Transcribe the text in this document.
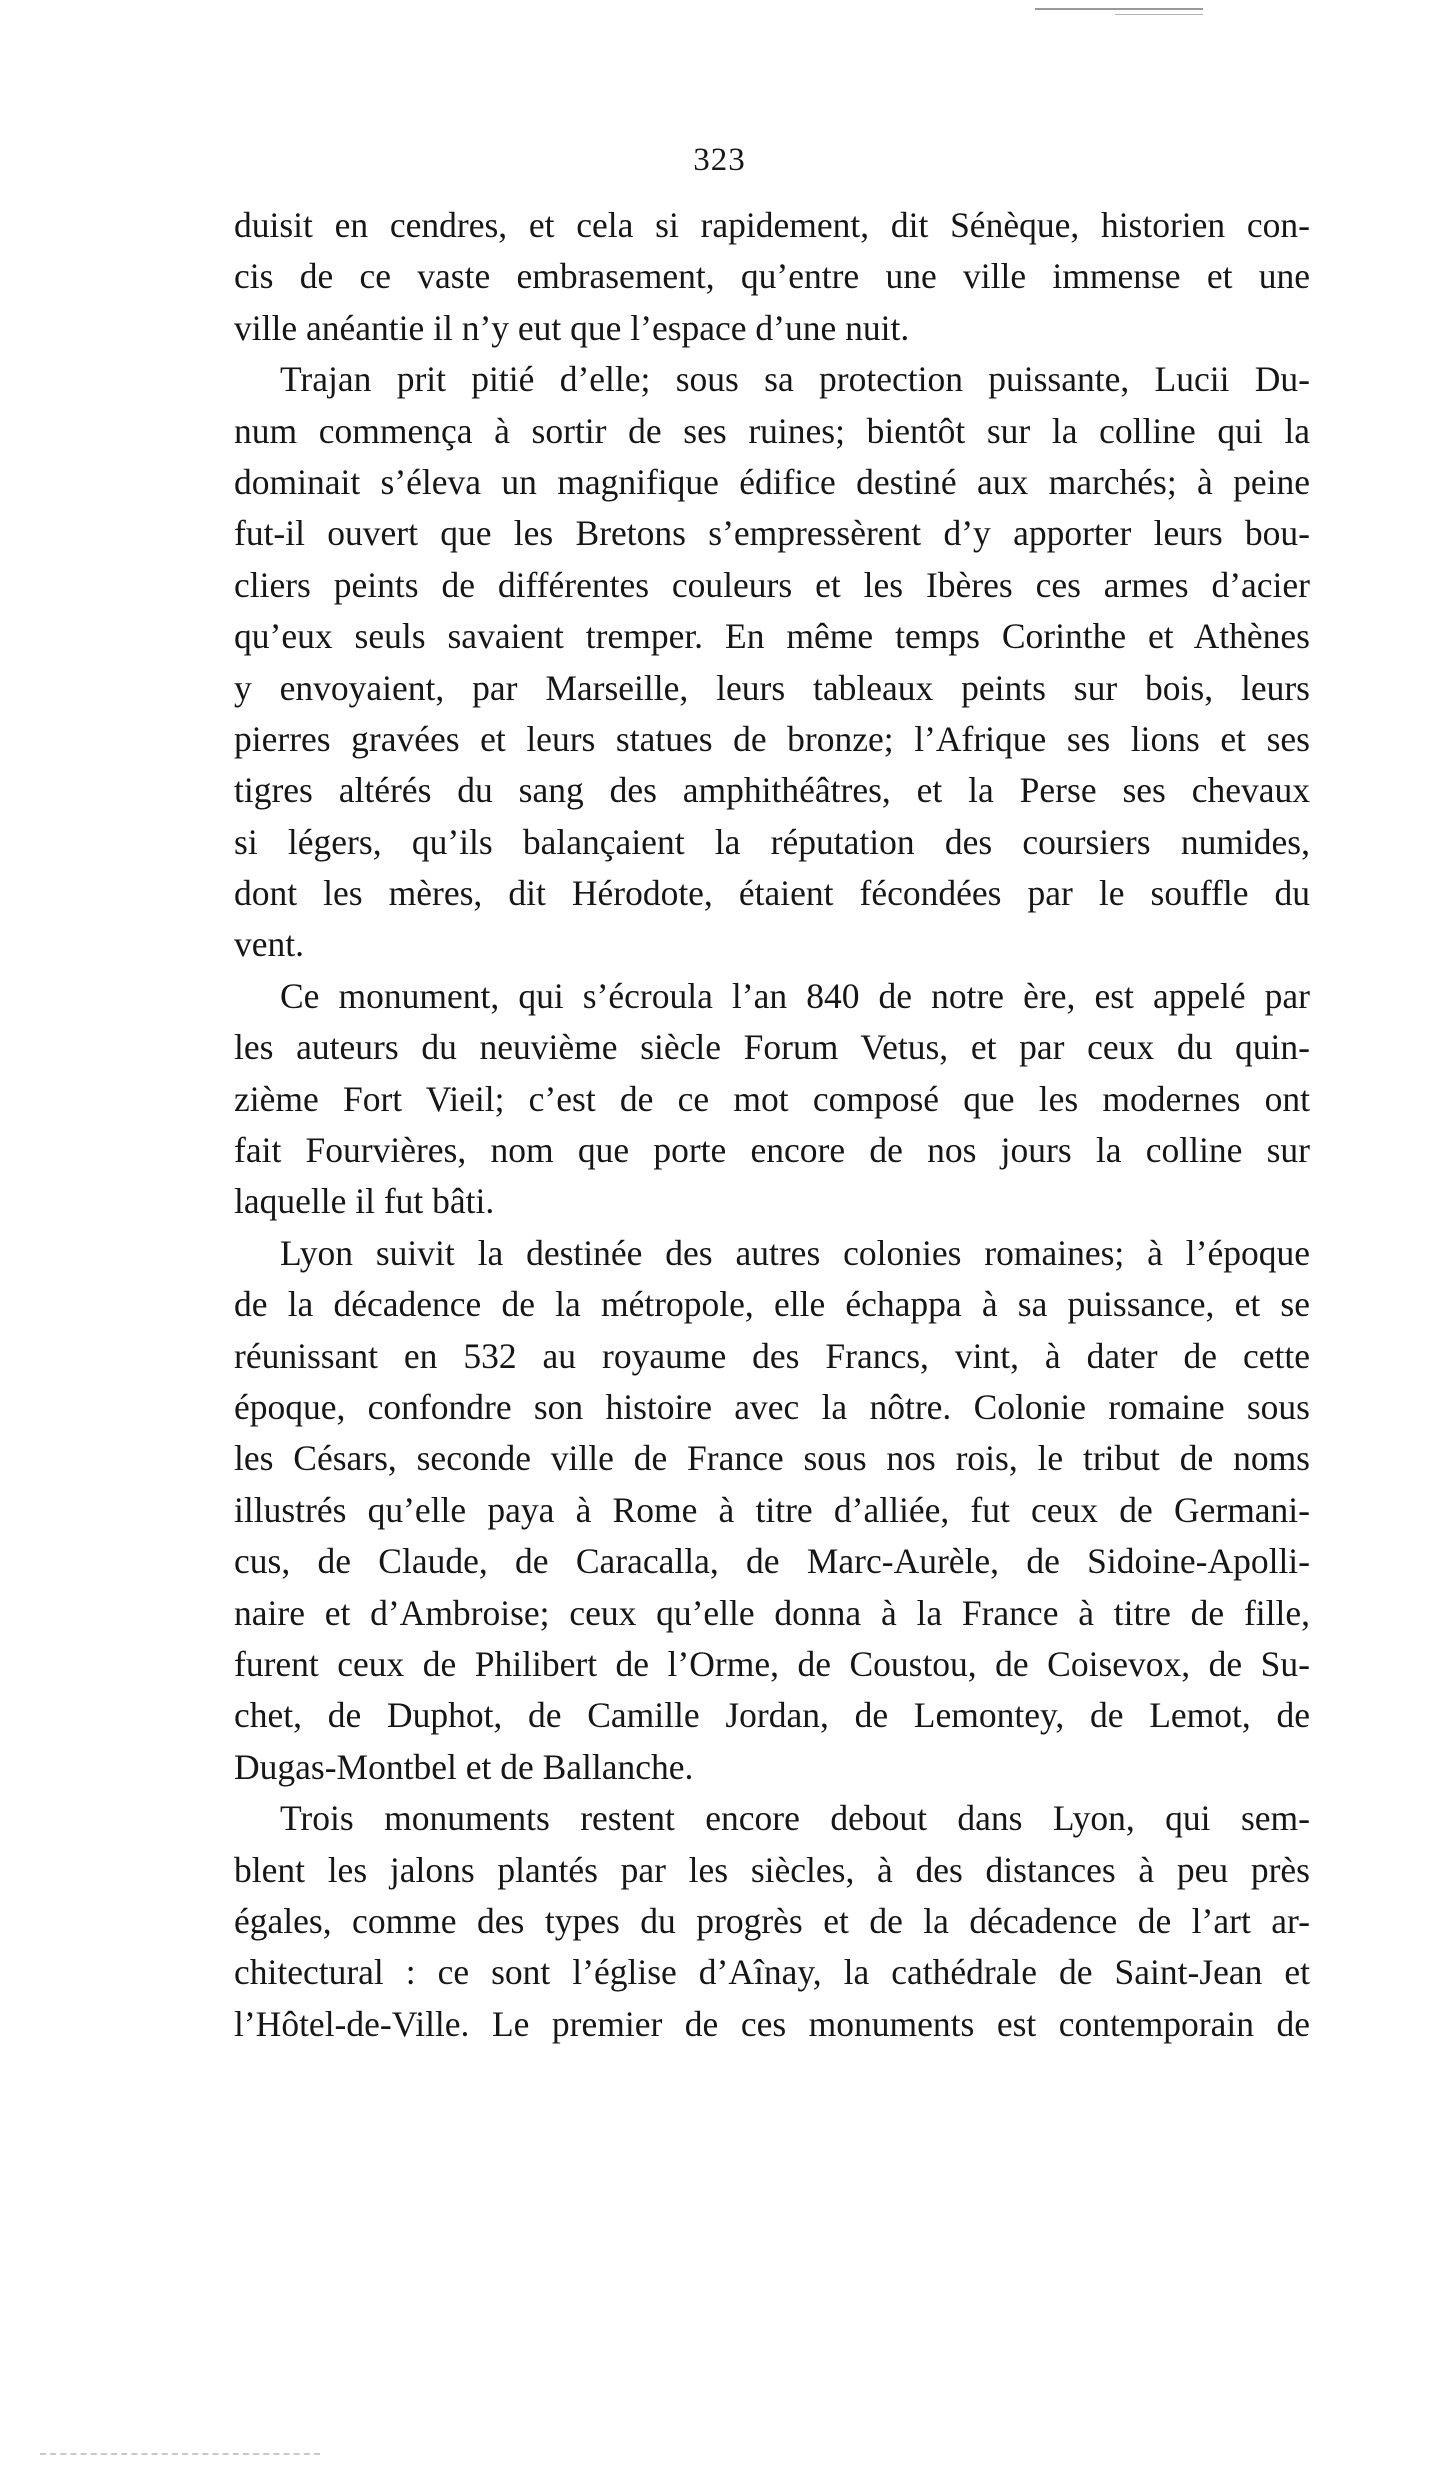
323
duisit en cendres, et cela si rapidement, dit Sénèque, historien con-
cis de ce vaste embrasement, qu’entre une ville immense et une
ville anéantie il n’y eut que l’espace d’une nuit.
Trajan prit pitié d’elle; sous sa protection puissante, Lucii Du-
num commença à sortir de ses ruines; bientôt sur la colline qui la
dominait s’éleva un magnifique édifice destiné aux marchés; à peine
fut-il ouvert que les Bretons s’empressèrent d’y apporter leurs bou-
cliers peints de différentes couleurs et les Ibères ces armes d’acier
qu’eux seuls savaient tremper. En même temps Corinthe et Athènes
y envoyaient, par Marseille, leurs tableaux peints sur bois, leurs
pierres gravées et leurs statues de bronze; l’Afrique ses lions et ses
tigres altérés du sang des amphithéâtres, et la Perse ses chevaux
si légers, qu’ils balançaient la réputation des coursiers numides,
dont les mères, dit Hérodote, étaient fécondées par le souffle du
vent.
Ce monument, qui s’écroula l’an 840 de notre ère, est appelé par
les auteurs du neuvième siècle Forum Vetus, et par ceux du quin-
zième Fort Vieil; c’est de ce mot composé que les modernes ont
fait Fourvières, nom que porte encore de nos jours la colline sur
laquelle il fut bâti.
Lyon suivit la destinée des autres colonies romaines; à l’époque
de la décadence de la métropole, elle échappa à sa puissance, et se
réunissant en 532 au royaume des Francs, vint, à dater de cette
époque, confondre son histoire avec la nôtre. Colonie romaine sous
les Césars, seconde ville de France sous nos rois, le tribut de noms
illustrés qu’elle paya à Rome à titre d’alliée, fut ceux de Germani-
cus, de Claude, de Caracalla, de Marc-Aurèle, de Sidoine-Apolli-
naire et d’Ambroise; ceux qu’elle donna à la France à titre de fille,
furent ceux de Philibert de l’Orme, de Coustou, de Coisevox, de Su-
chet, de Duphot, de Camille Jordan, de Lemontey, de Lemot, de
Dugas-Montbel et de Ballanche.
Trois monuments restent encore debout dans Lyon, qui sem-
blent les jalons plantés par les siècles, à des distances à peu près
égales, comme des types du progrès et de la décadence de l’art ar-
chitectural : ce sont l’église d’Aînay, la cathédrale de Saint-Jean et
l’Hôtel-de-Ville. Le premier de ces monuments est contemporain de
